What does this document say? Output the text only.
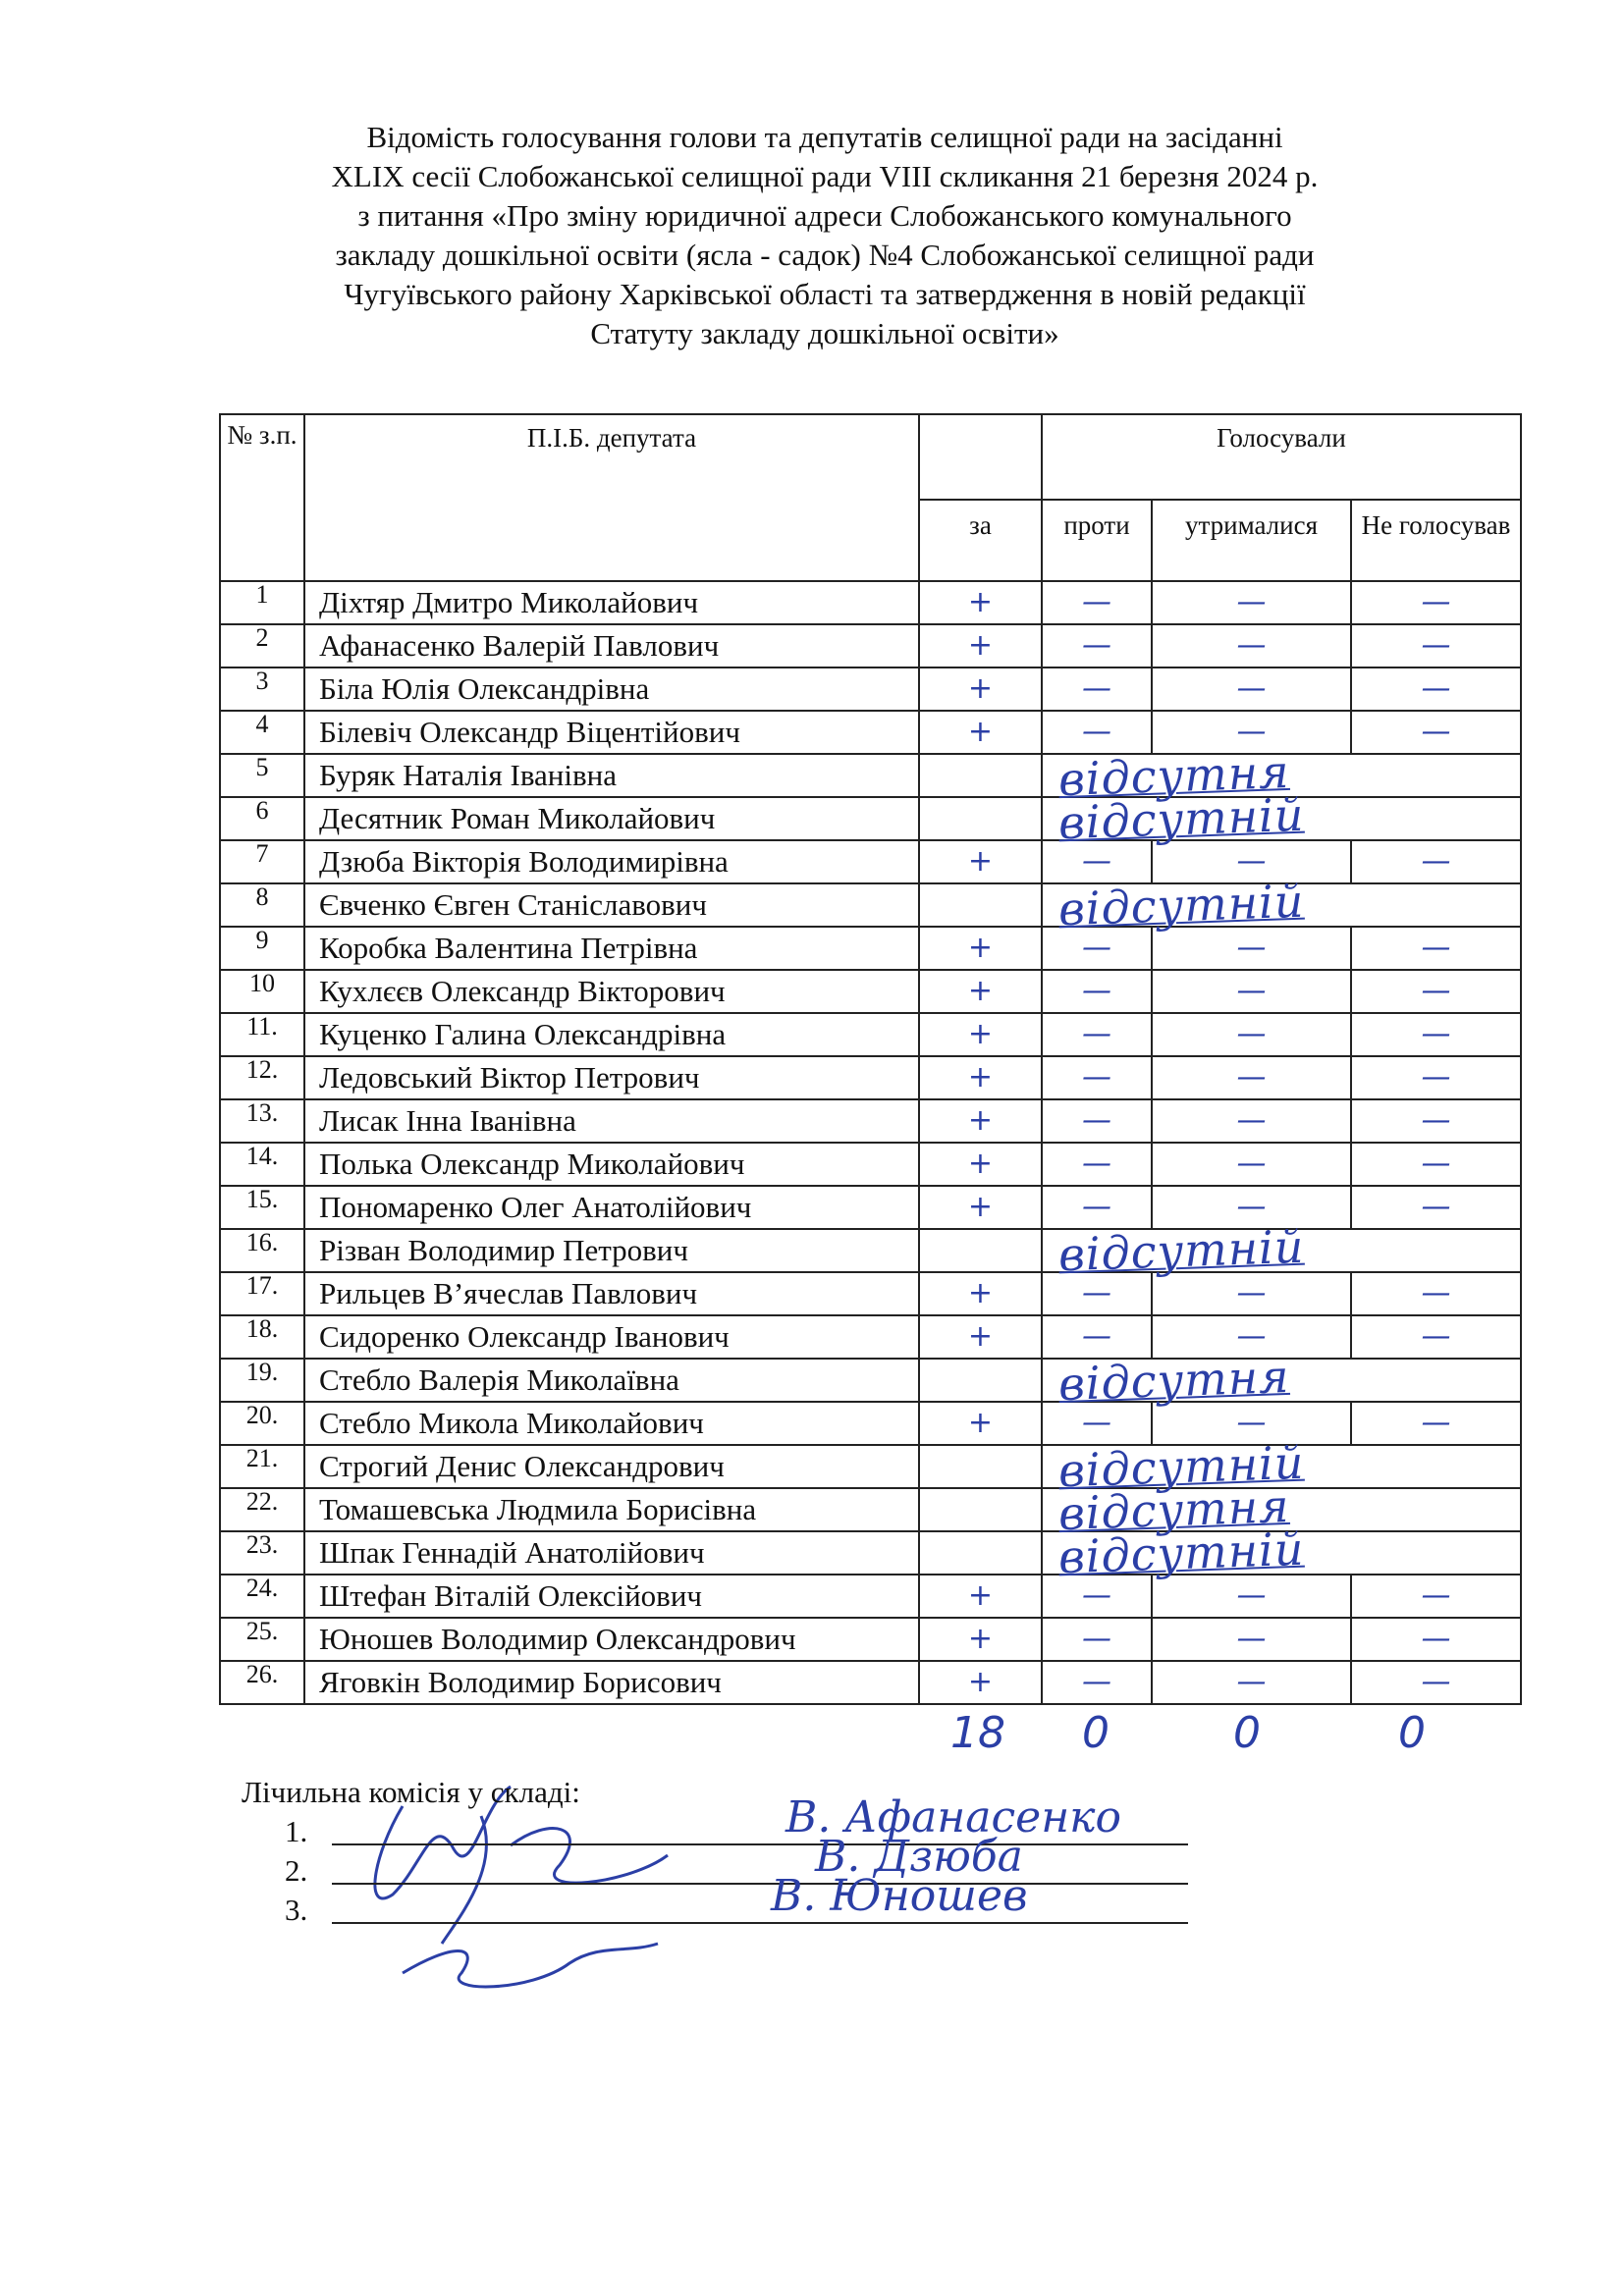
Відомість голосування голови та депутатів селищної ради на засіданні
XLIX сесії Слобожанської селищної ради VIII скликання 21 березня 2024 р.
з питання «Про зміну юридичної адреси Слобожанського комунального
закладу дошкільної освіти (ясла - садок) №4 Слобожанської селищної ради
Чугуївського району Харківської області та затвердження в новій редакції
Статуту закладу дошкільної освіти»
№ з.п.	П.І.Б. депутата		Голосували		
		за	проти	утрималися	Не голосував
1	Діхтяр Дмитро Миколайович	+	—	—	—
2	Афанасенко Валерій Павлович	+	—	—	—
3	Біла Юлія Олександрівна	+	—	—	—
4	Білевіч Олександр Віцентійович	+	—	—	—
5	Буряк Наталія Іванівна		відсутня		
6	Десятник Роман Миколайович		відсутній		
7	Дзюба Вікторія Володимирівна	+	—	—	—
8	Євченко Євген Станіславович		відсутній		
9	Коробка Валентина Петрівна	+	—	—	—
10	Кухлєєв Олександр Вікторович	+	—	—	—
11.	Куценко Галина Олександрівна	+	—	—	—
12.	Ледовський Віктор Петрович	+	—	—	—
13.	Лисак Інна Іванівна	+	—	—	—
14.	Полька Олександр Миколайович	+	—	—	—
15.	Пономаренко Олег Анатолійович	+	—	—	—
16.	Різван Володимир Петрович		відсутній		
17.	Рильцев В’ячеслав Павлович	+	—	—	—
18.	Сидоренко Олександр Іванович	+	—	—	—
19.	Стебло Валерія Миколаївна		відсутня		
20.	Стебло Микола Миколайович	+	—	—	—
21.	Строгий Денис Олександрович		відсутній		
22.	Томашевська Людмила Борисівна		відсутня		
23.	Шпак Геннадій Анатолійович		відсутній		
24.	Штефан Віталій Олексійович	+	—	—	—
25.	Юношев Володимир Олександрович	+	—	—	—
26.	Яговкін Володимир Борисович	+	—	—	—
18	0	0	0
Лічильна комісія у складі:
1.	В. Афанасенко
2.	В. Дзюба
3.	В. Юношев
